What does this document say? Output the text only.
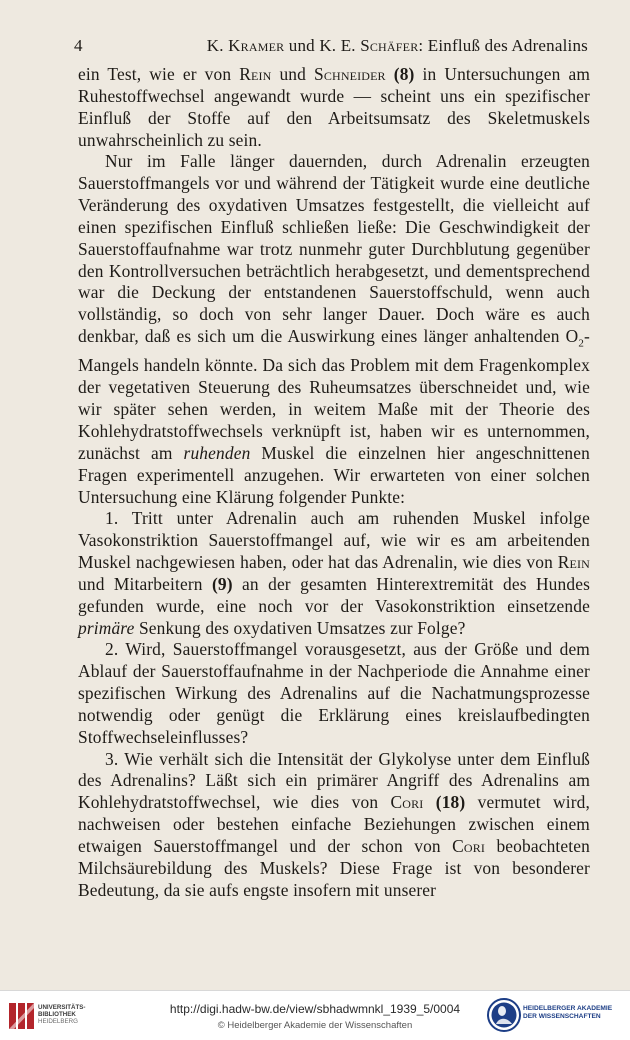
4	K. Kramer und K. E. Schäfer: Einfluß des Adrenalins

ein Test, wie er von Rein und Schneider (8) in Untersuchungen am Ruhestoffwechsel angewandt wurde — scheint uns ein spezifischer Einfluß der Stoffe auf den Arbeitsumsatz des Skeletmuskels unwahrscheinlich zu sein.

Nur im Falle länger dauernden, durch Adrenalin erzeugten Sauerstoffmangels vor und während der Tätigkeit wurde eine deutliche Veränderung des oxydativen Umsatzes festgestellt, die vielleicht auf einen spezifischen Einfluß schließen ließe: Die Geschwindigkeit der Sauerstoffaufnahme war trotz nunmehr guter Durchblutung gegenüber den Kontrollversuchen beträchtlich herabgesetzt, und dementsprechend war die Deckung der entstandenen Sauerstoffschuld, wenn auch vollständig, so doch von sehr langer Dauer. Doch wäre es auch denkbar, daß es sich um die Auswirkung eines länger anhaltenden $O_2$-Mangels handeln könnte. Da sich das Problem mit dem Fragenkomplex der vegetativen Steuerung des Ruheumsatzes überschneidet und, wie wir später sehen werden, in weitem Maße mit der Theorie des Kohlehydratstoffwechsels verknüpft ist, haben wir es unternommen, zunächst am ruhenden Muskel die einzelnen hier angeschnittenen Fragen experimentell anzugehen. Wir erwarteten von einer solchen Untersuchung eine Klärung folgender Punkte:

1. Tritt unter Adrenalin auch am ruhenden Muskel infolge Vasokonstriktion Sauerstoffmangel auf, wie wir es am arbeitenden Muskel nachgewiesen haben, oder hat das Adrenalin, wie dies von Rein und Mitarbeitern (9) an der gesamten Hinterextremität des Hundes gefunden wurde, eine noch vor der Vasokonstriktion einsetzende primäre Senkung des oxydativen Umsatzes zur Folge?

2. Wird, Sauerstoffmangel vorausgesetzt, aus der Größe und dem Ablauf der Sauerstoffaufnahme in der Nachperiode die Annahme einer spezifischen Wirkung des Adrenalins auf die Nachatmungsprozesse notwendig oder genügt die Erklärung eines kreislaufbedingten Stoffwechseleinflusses?

3. Wie verhält sich die Intensität der Glykolyse unter dem Einfluß des Adrenalins? Läßt sich ein primärer Angriff des Adrenalins am Kohlehydratstoffwechsel, wie dies von Cori (18) vermutet wird, nachweisen oder bestehen einfache Beziehungen zwischen einem etwaigen Sauerstoffmangel und der schon von Cori beobachteten Milchsäurebildung des Muskels? Diese Frage ist von besonderer Bedeutung, da sie aufs engste insofern mit unserer

UNIVERSITÄTS-
BIBLIOTHEK
HEIDELBERG
http://digi.hadw-bw.de/view/sbhadwmnkl_1939_5/0004
© Heidelberger Akademie der Wissenschaften
HEIDELBERGER AKADEMIE
DER WISSENSCHAFTEN
